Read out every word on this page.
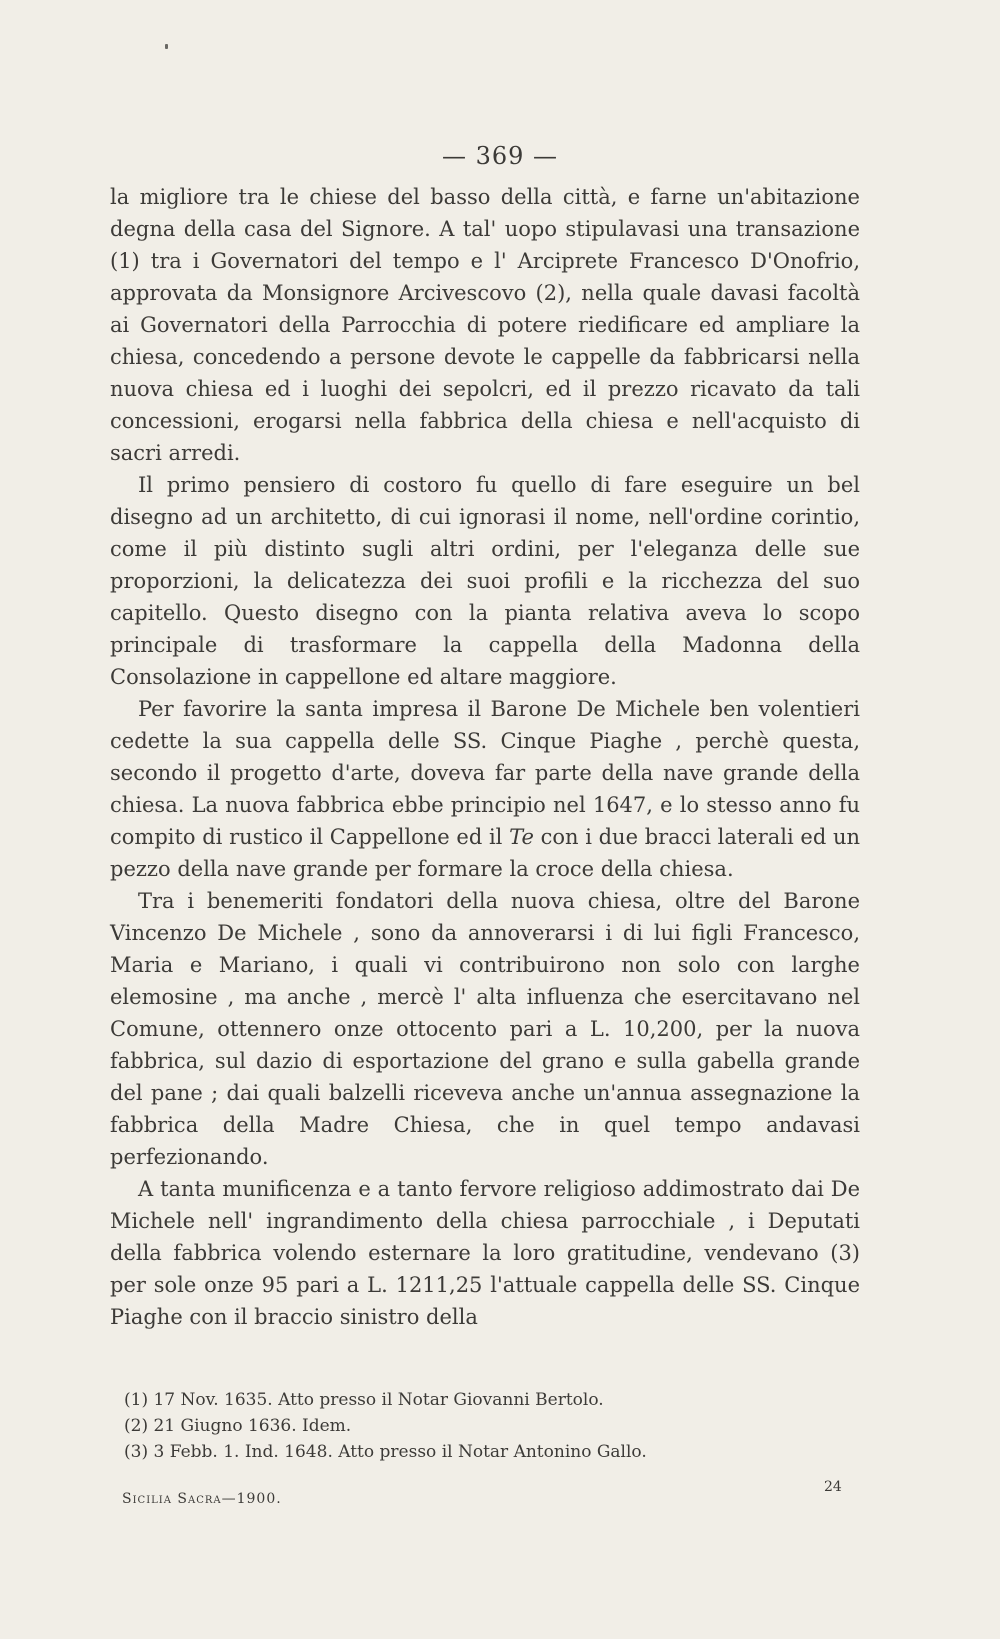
— 369 —

la migliore tra le chiese del basso della città, e farne un'abitazione degna della casa del Signore. A tal' uopo stipulavasi una transazione (1) tra i Governatori del tempo e l' Arciprete Francesco D'Onofrio, approvata da Monsignore Arcivescovo (2), nella quale davasi facoltà ai Governatori della Parrocchia di potere riedificare ed ampliare la chiesa, concedendo a persone devote le cappelle da fabbricarsi nella nuova chiesa ed i luoghi dei sepolcri, ed il prezzo ricavato da tali concessioni, erogarsi nella fabbrica della chiesa e nell'acquisto di sacri arredi.

Il primo pensiero di costoro fu quello di fare eseguire un bel disegno ad un architetto, di cui ignorasi il nome, nell'ordine corintio, come il più distinto sugli altri ordini, per l'eleganza delle sue proporzioni, la delicatezza dei suoi profili e la ricchezza del suo capitello. Questo disegno con la pianta relativa aveva lo scopo principale di trasformare la cappella della Madonna della Consolazione in cappellone ed altare maggiore.

Per favorire la santa impresa il Barone De Michele ben volentieri cedette la sua cappella delle SS. Cinque Piaghe , perchè questa, secondo il progetto d'arte, doveva far parte della nave grande della chiesa. La nuova fabbrica ebbe principio nel 1647, e lo stesso anno fu compito di rustico il Cappellone ed il Te con i due bracci laterali ed un pezzo della nave grande per formare la croce della chiesa.

Tra i benemeriti fondatori della nuova chiesa, oltre del Barone Vincenzo De Michele , sono da annoverarsi i di lui figli Francesco, Maria e Mariano, i quali vi contribuirono non solo con larghe elemosine , ma anche , mercè l' alta influenza che esercitavano nel Comune, ottennero onze ottocento pari a L. 10,200, per la nuova fabbrica, sul dazio di esportazione del grano e sulla gabella grande del pane ; dai quali balzelli riceveva anche un'annua assegnazione la fabbrica della Madre Chiesa, che in quel tempo andavasi perfezionando.

A tanta munificenza e a tanto fervore religioso addimostrato dai De Michele nell' ingrandimento della chiesa parrocchiale , i Deputati della fabbrica volendo esternare la loro gratitudine, vendevano (3) per sole onze 95 pari a L. 1211,25 l'attuale cappella delle SS. Cinque Piaghe con il braccio sinistro della

(1) 17 Nov. 1635. Atto presso il Notar Giovanni Bertolo.
(2) 21 Giugno 1636. Idem.
(3) 3 Febb. 1. Ind. 1648. Atto presso il Notar Antonino Gallo.
Sicilia Sacra—1900.
24
